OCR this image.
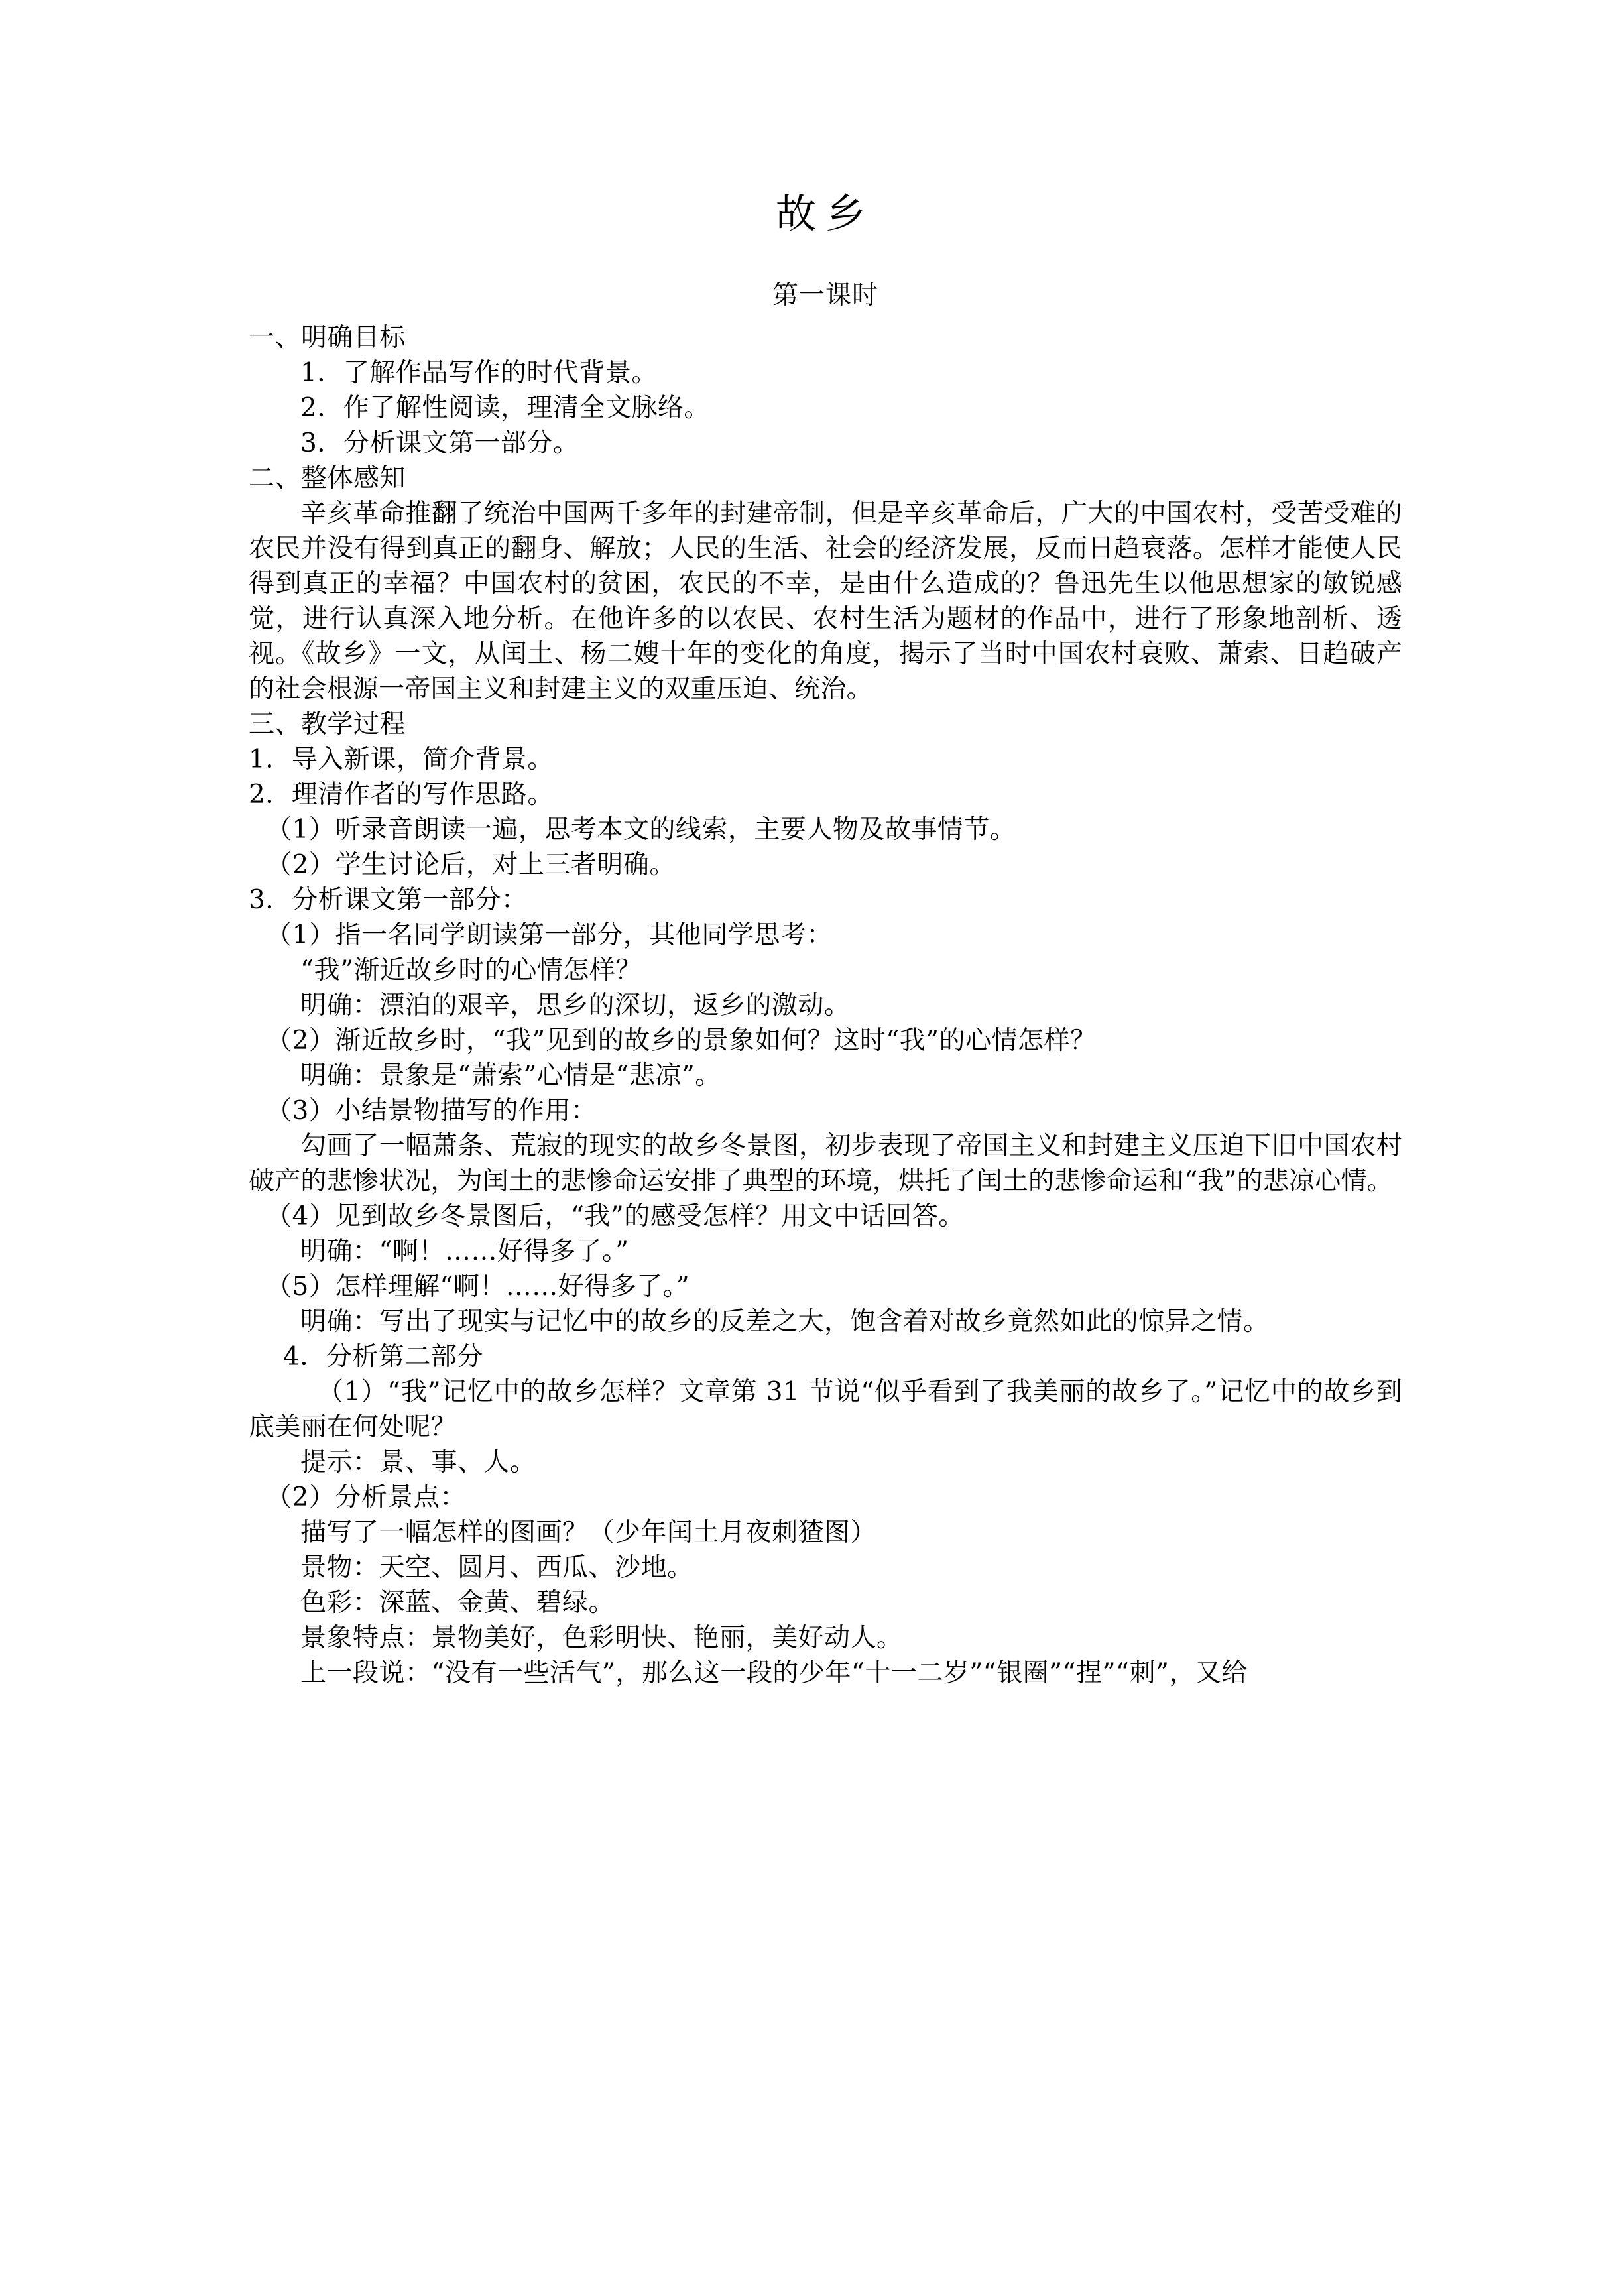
故乡

第一课时

一、明确目标

1．了解作品写作的时代背景。

2．作了解性阅读，理清全文脉络。

3．分析课文第一部分。

二、整体感知

辛亥革命推翻了统治中国两千多年的封建帝制，但是辛亥革命后，广大的中国农村，受苦受难的农民并没有得到真正的翻身、解放；人民的生活、社会的经济发展，反而日趋衰落。怎样才能使人民得到真正的幸福？中国农村的贫困，农民的不幸，是由什么造成的？鲁迅先生以他思想家的敏锐感觉，进行认真深入地分析。在他许多的以农民、农村生活为题材的作品中，进行了形象地剖析、透视。《故乡》一文，从闰土、杨二嫂十年的变化的角度，揭示了当时中国农村衰败、萧索、日趋破产的社会根源一帝国主义和封建主义的双重压迫、统治。

三、教学过程

1．导入新课，简介背景。

2．理清作者的写作思路。

（1）听录音朗读一遍，思考本文的线索，主要人物及故事情节。

（2）学生讨论后，对上三者明确。

3．分析课文第一部分：

（1）指一名同学朗读第一部分，其他同学思考：

“我”渐近故乡时的心情怎样？

明确：漂泊的艰辛，思乡的深切，返乡的激动。

（2）渐近故乡时，“我”见到的故乡的景象如何？这时“我”的心情怎样？

明确：景象是“萧索”心情是“悲凉”。

（3）小结景物描写的作用：

勾画了一幅萧条、荒寂的现实的故乡冬景图，初步表现了帝国主义和封建主义压迫下旧中国农村破产的悲惨状况，为闰土的悲惨命运安排了典型的环境，烘托了闰土的悲惨命运和“我”的悲凉心情。

（4）见到故乡冬景图后，“我”的感受怎样？用文中话回答。

明确：“啊！……好得多了。”

（5）怎样理解“啊！……好得多了。”

明确：写出了现实与记忆中的故乡的反差之大，饱含着对故乡竟然如此的惊异之情。

4．分析第二部分

（1）“我”记忆中的故乡怎样？文章第 31 节说“似乎看到了我美丽的故乡了。”记忆中的故乡到底美丽在何处呢？

提示：景、事、人。

（2）分析景点：

描写了一幅怎样的图画？（少年闰土月夜刺猹图）

景物：天空、圆月、西瓜、沙地。

色彩：深蓝、金黄、碧绿。

景象特点：景物美好，色彩明快、艳丽，美好动人。

上一段说：“没有一些活气”，那么这一段的少年“十一二岁”“银圈”“捏”“刺”，又给
